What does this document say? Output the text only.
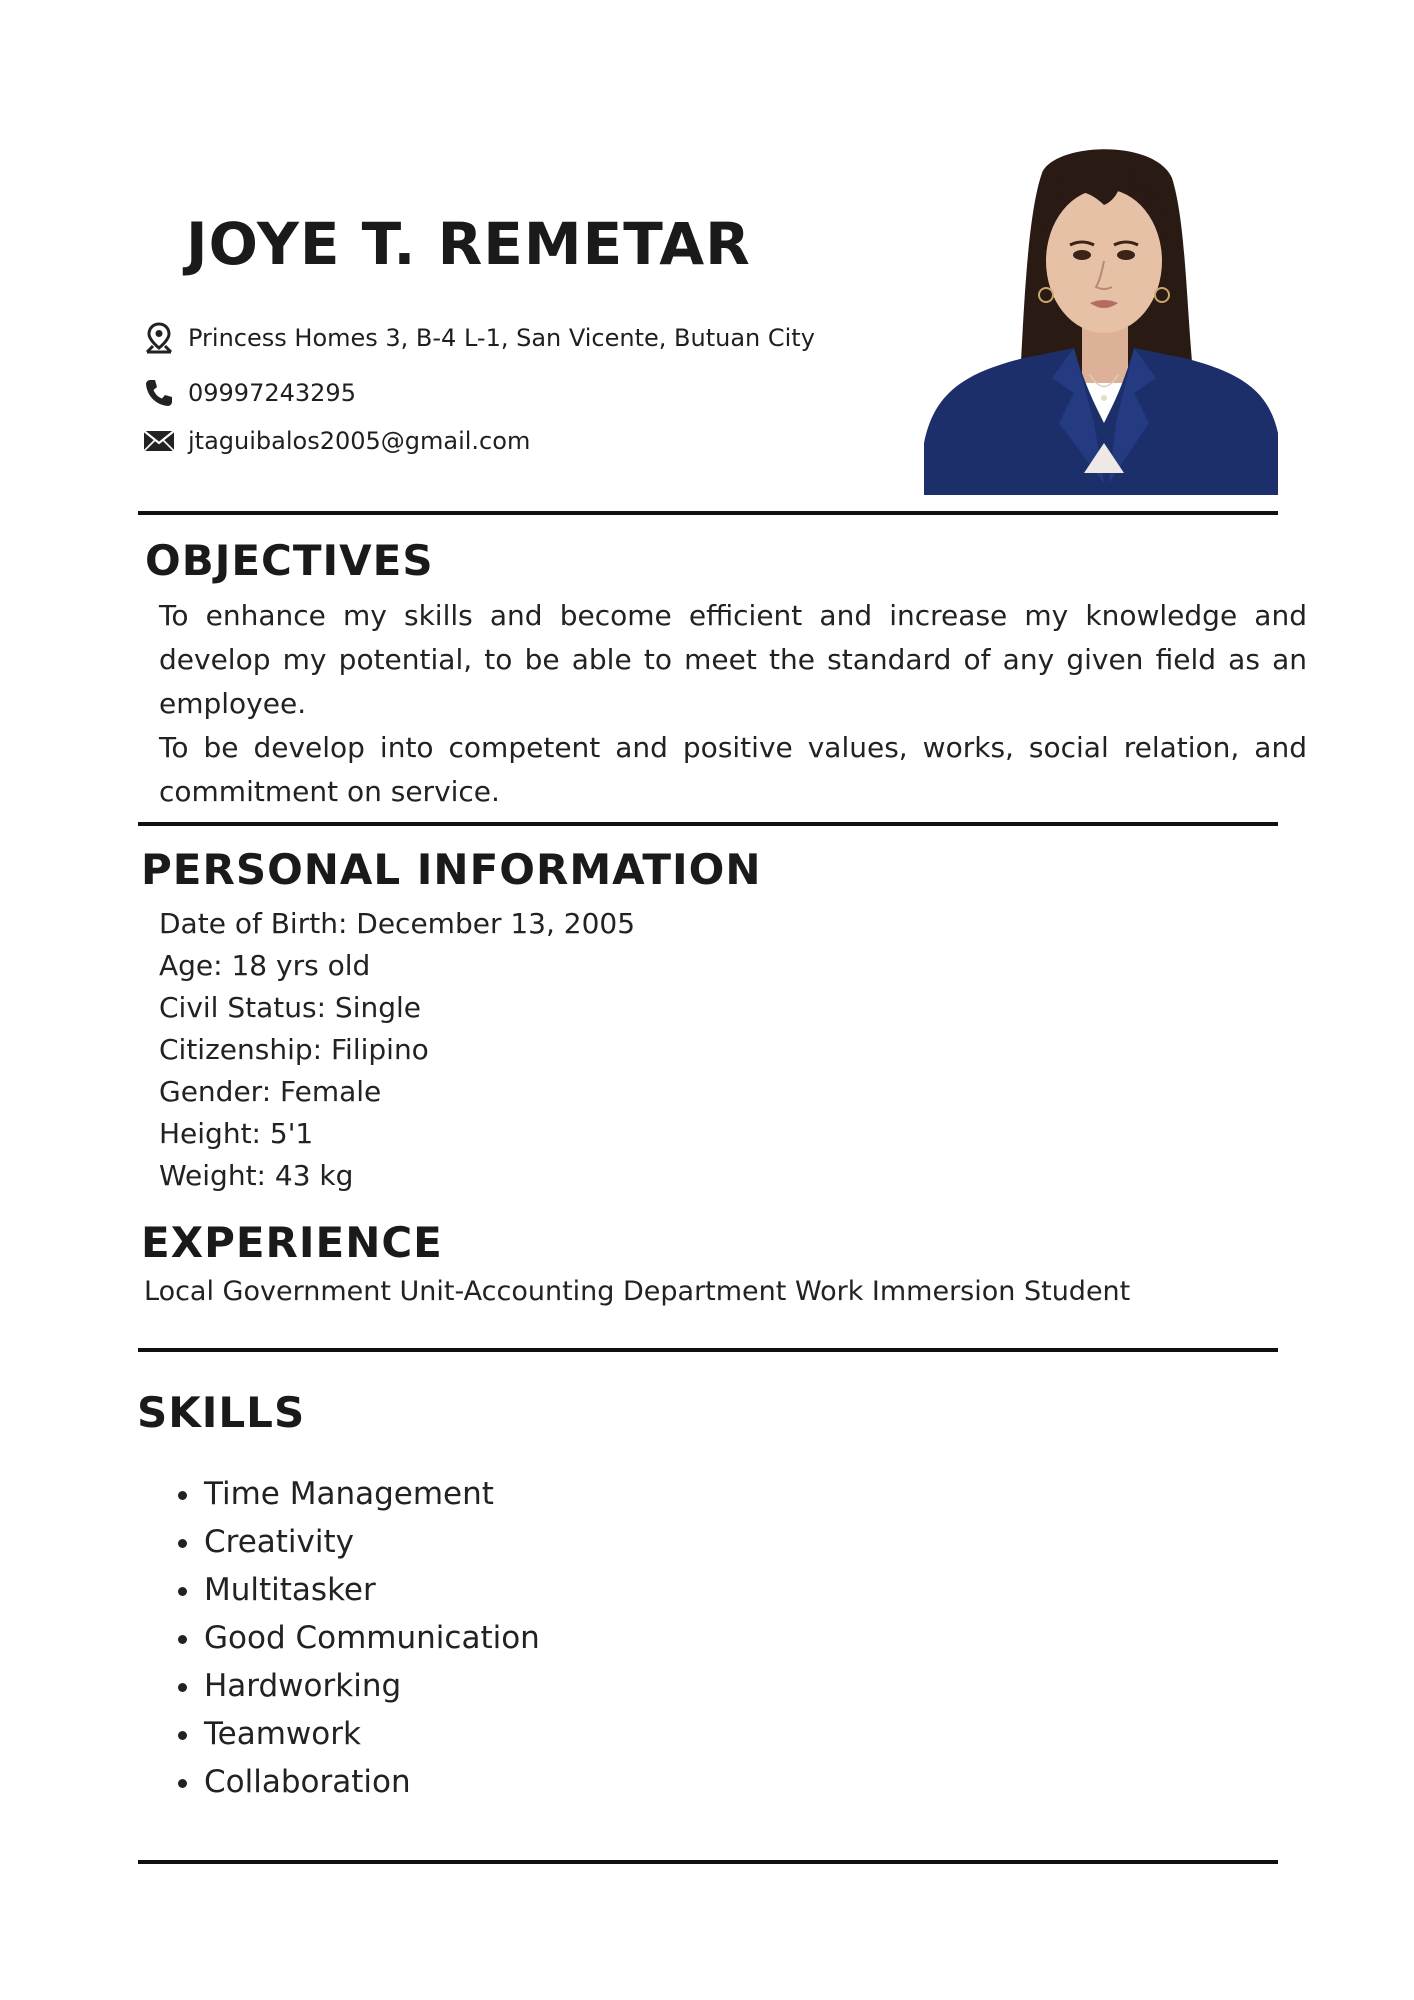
JOYE T. REMETAR
Princess Homes 3, B-4 L-1, San Vicente, Butuan City
09997243295
jtaguibalos2005@gmail.com
OBJECTIVES

To enhance my skills and become efficient and increase my knowledge and develop my potential, to be able to meet the standard of any given field as an employee.

To be develop into competent and positive values, works, social relation, and commitment on service.

PERSONAL INFORMATION
Date of Birth: December 13, 2005
Age: 18 yrs old
Civil Status: Single
Citizenship: Filipino
Gender: Female
Height: 5'1
Weight: 43 kg
EXPERIENCE
Local Government Unit-Accounting Department Work Immersion Student
SKILLS
Time Management
Creativity
Multitasker
Good Communication
Hardworking
Teamwork
Collaboration
